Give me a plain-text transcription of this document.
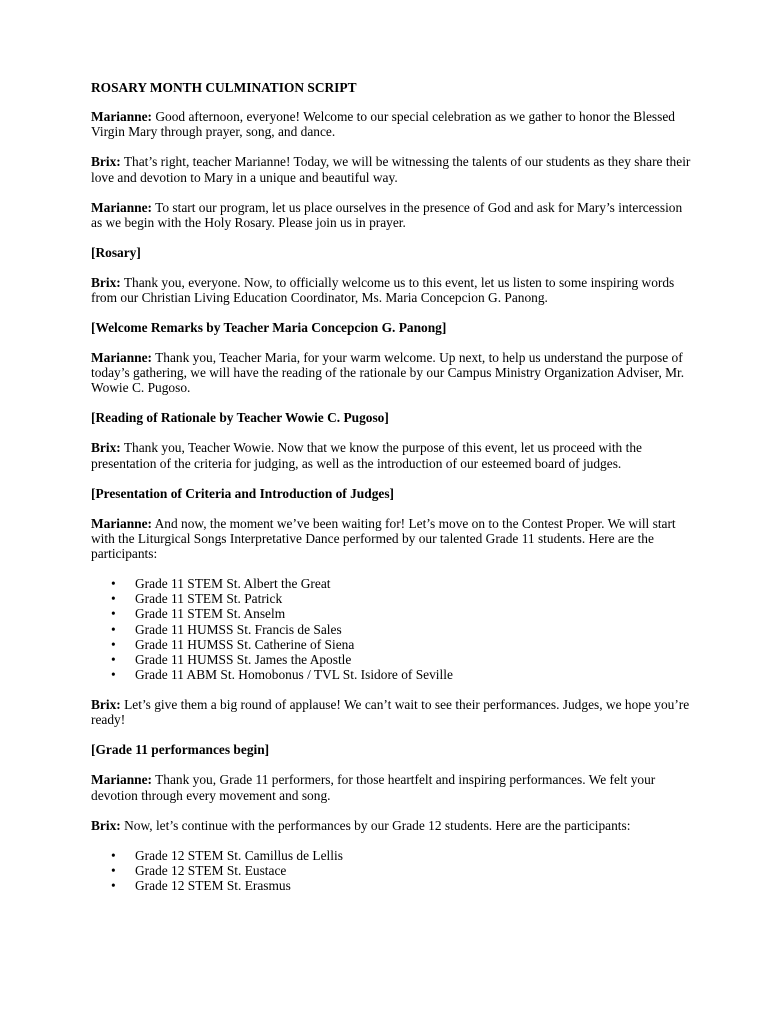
ROSARY MONTH CULMINATION SCRIPT

Marianne: Good afternoon, everyone! Welcome to our special celebration as we gather to honor the Blessed Virgin Mary through prayer, song, and dance.

Brix: That’s right, teacher Marianne! Today, we will be witnessing the talents of our students as they share their love and devotion to Mary in a unique and beautiful way.

Marianne: To start our program, let us place ourselves in the presence of God and ask for Mary’s intercession as we begin with the Holy Rosary. Please join us in prayer.

[Rosary]

Brix: Thank you, everyone. Now, to officially welcome us to this event, let us listen to some inspiring words from our Christian Living Education Coordinator, Ms. Maria Concepcion G. Panong.

[Welcome Remarks by Teacher Maria Concepcion G. Panong]

Marianne: Thank you, Teacher Maria, for your warm welcome. Up next, to help us understand the purpose of today’s gathering, we will have the reading of the rationale by our Campus Ministry Organization Adviser, Mr. Wowie C. Pugoso.

[Reading of Rationale by Teacher Wowie C. Pugoso]

Brix: Thank you, Teacher Wowie. Now that we know the purpose of this event, let us proceed with the presentation of the criteria for judging, as well as the introduction of our esteemed board of judges.

[Presentation of Criteria and Introduction of Judges]

Marianne: And now, the moment we’ve been waiting for! Let’s move on to the Contest Proper. We will start with the Liturgical Songs Interpretative Dance performed by our talented Grade 11 students. Here are the participants:

• Grade 11 STEM St. Albert the Great
• Grade 11 STEM St. Patrick
• Grade 11 STEM St. Anselm
• Grade 11 HUMSS St. Francis de Sales
• Grade 11 HUMSS St. Catherine of Siena
• Grade 11 HUMSS St. James the Apostle
• Grade 11 ABM St. Homobonus / TVL St. Isidore of Seville

Brix: Let’s give them a big round of applause! We can’t wait to see their performances. Judges, we hope you’re ready!

[Grade 11 performances begin]

Marianne: Thank you, Grade 11 performers, for those heartfelt and inspiring performances. We felt your devotion through every movement and song.

Brix: Now, let’s continue with the performances by our Grade 12 students. Here are the participants:

• Grade 12 STEM St. Camillus de Lellis
• Grade 12 STEM St. Eustace
• Grade 12 STEM St. Erasmus
